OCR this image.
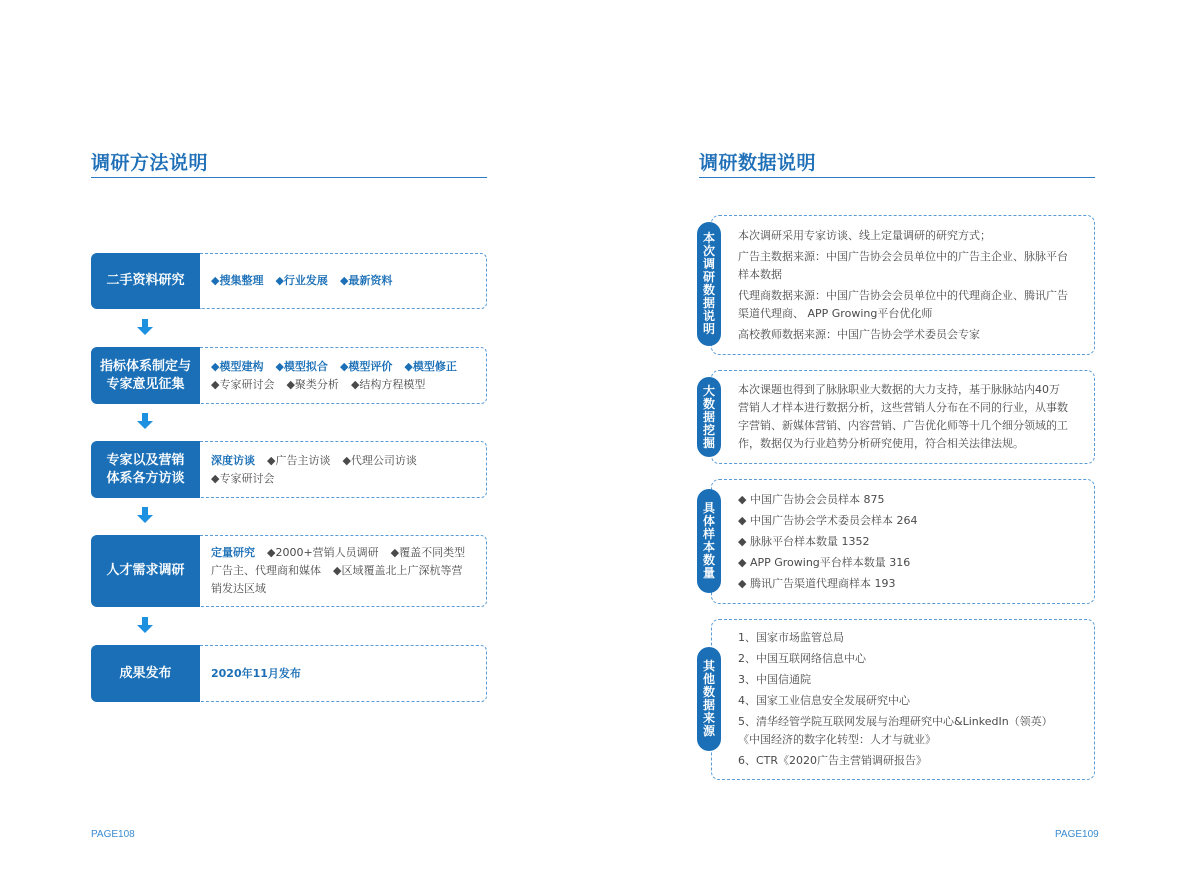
调研方法说明
二手资料研究 ◆搜集整理 ◆行业发展 ◆最新资料
指标体系制定与
专家意见征集
◆模型建构 ◆模型拟合 ◆模型评价 ◆模型修正
◆专家研讨会 ◆聚类分析 ◆结构方程模型
专家以及营销
体系各方访谈
深度访谈 ◆广告主访谈 ◆代理公司访谈
◆专家研讨会
人才需求调研
定量研究 ◆2000+营销人员调研 ◆覆盖不同类型
广告主、代理商和媒体 ◆区域覆盖北上广深杭等营
销发达区域
成果发布	2020年11月发布
PAGE108
调研数据说明

本次调研采用专家访谈、线上定量调研的研究方式；

广告主数据来源：中国广告协会会员单位中的广告主企业、脉脉平台
样本数据

代理商数据来源：中国广告协会会员单位中的代理商企业、腾讯广告
渠道代理商、 APP Growing平台优化师

高校教师数据来源：中国广告协会学术委员会专家

本次调研数据说明

本次课题也得到了脉脉职业大数据的大力支持，基于脉脉站内40万
营销人才样本进行数据分析，这些营销人分布在不同的行业，从事数
字营销、新媒体营销、内容营销、广告优化师等十几个细分领域的工
作，数据仅为行业趋势分析研究使用，符合相关法律法规。

大数据挖掘

◆ 中国广告协会会员样本 875

◆ 中国广告协会学术委员会样本 264

◆ 脉脉平台样本数量 1352

◆ APP Growing平台样本数量 316

◆ 腾讯广告渠道代理商样本 193

具体样本数量

1、国家市场监管总局

2、中国互联网络信息中心

3、中国信通院

4、国家工业信息安全发展研究中心

5、清华经管学院互联网发展与治理研究中心&LinkedIn（领英）
《中国经济的数字化转型：人才与就业》

6、CTR《2020广告主营销调研报告》

其他数据来源
PAGE109
